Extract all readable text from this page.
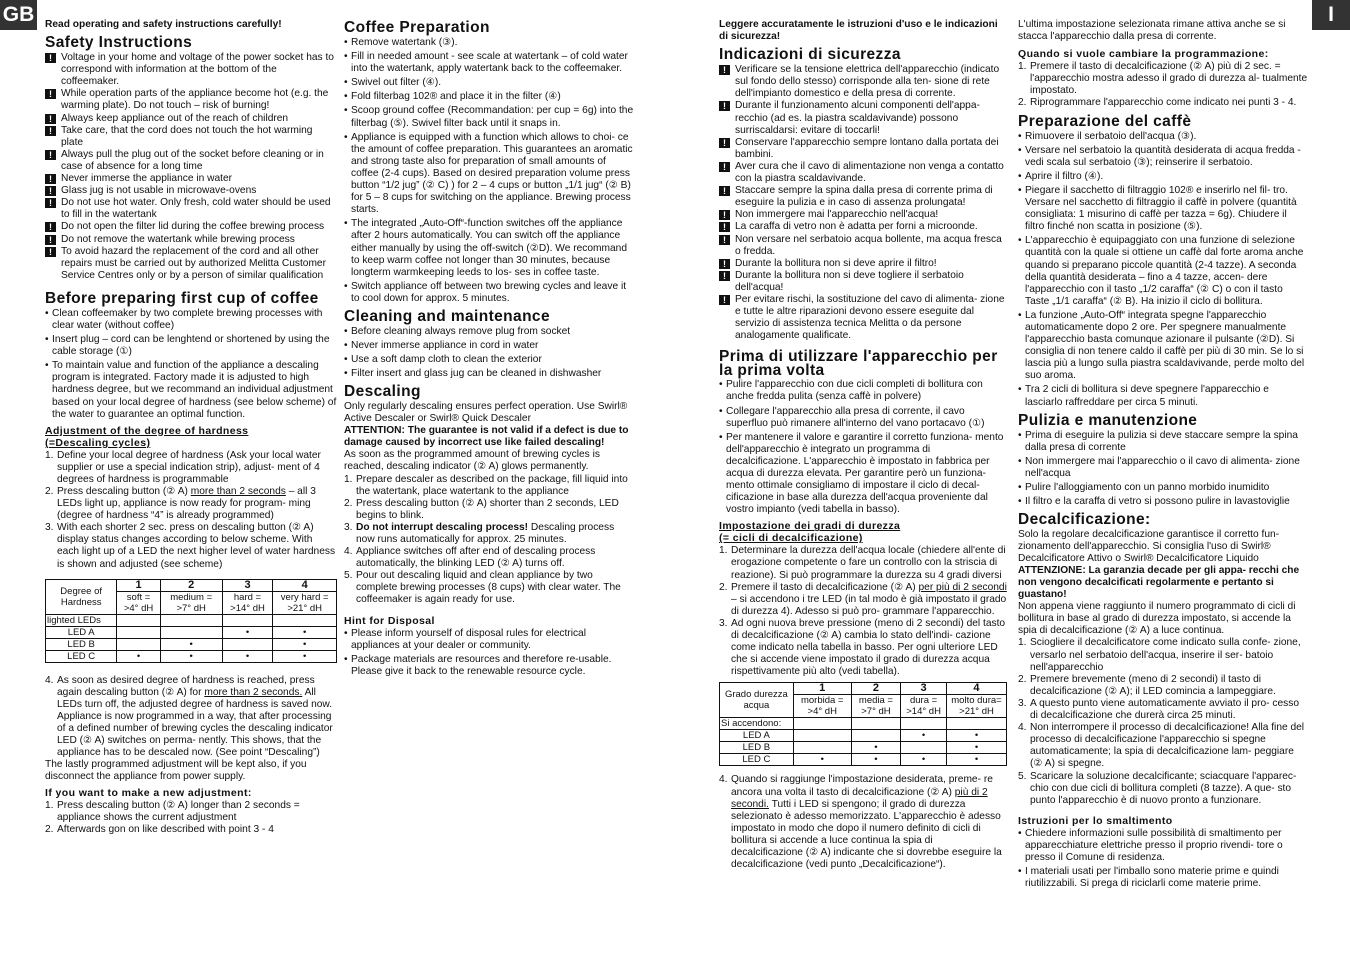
GB	I

Read operating and safety instructions carefully!

Safety Instructions
! Voltage in your home and voltage of the power socket has to correspond with information at the bottom of the coffeemaker.
! While operation parts of the appliance become hot (e.g. the warming plate). Do not touch – risk of burning!
! Always keep appliance out of the reach of children
! Take care, that the cord does not touch the hot warming plate
! Always pull the plug out of the socket before cleaning or in case of absence for a long time
! Never immerse the appliance in water
! Glass jug is not usable in microwave-ovens
! Do not use hot water. Only fresh, cold water should be used to fill in the watertank
! Do not open the filter lid during the coffee brewing process
! Do not remove the watertank while brewing process
! To avoid hazard the replacement of the cord and all other repairs must be carried out by authorized Melitta Customer Service Centres only or by a person of similar qualification
Before preparing first cup of coffee
• Clean coffeemaker by two complete brewing processes with clear water (without coffee)
• Insert plug – cord can be lenghtend or shortened by using the cable storage (①)
• To maintain value and function of the appliance a descaling program is integrated. Factory made it is adjusted to high hardness degree, but we recommand an individual adjustment based on your local degree of hardness (see below scheme) of the water to guarantee an optimal function.
Adjustment of the degree of hardness
(=Descaling cycles)
1. Define your local degree of hardness (Ask your local water supplier or use a special indication strip), adjust- ment of 4 degrees of hardness is programmable
2. Press descaling button (② A) more than 2 seconds – all 3 LEDs light up, appliance is now ready for program- ming (degree of hardness “4” is already programmed)
3. With each shorter 2 sec. press on descaling button (② A) display status changes according to below scheme. With each light up of a LED the next higher level of water hardness is shown and adjusted (see scheme)
Degree of Hardness	1	2	3	4
	soft = >4° dH	medium = >7° dH	hard = >14° dH	very hard = >21° dH
lighted LEDs				
LED A			•	•
LED B		•		•
LED C	•	•	•	•
4. As soon as desired degree of hardness is reached, press again descaling button (② A) for more than 2 seconds. All LEDs turn off, the adjusted degree of hardness is saved now. Appliance is now programmed in a way, that after processing of a defined number of brewing cycles the descaling indicator LED (② A) switches on perma- nently. This shows, that the appliance has to be descaled now. (See point “Descaling”)

The lastly programmed adjustment will be kept also, if you disconnect the appliance from power supply.

If you want to make a new adjustment:
1. Press descaling button (② A) longer than 2 seconds = appliance shows the current adjustment
2. Afterwards gon on like described with point 3 - 4
Coffee Preparation
• Remove watertank (③).
• Fill in needed amount - see scale at watertank – of cold water into the watertank, apply watertank back to the coffeemaker.
• Swivel out filter (④).
• Fold filterbag 102® and place it in the filter (④)
• Scoop ground coffee (Recommandation: per cup = 6g) into the filterbag (⑤). Swivel filter back until it snaps in.
• Appliance is equipped with a function which allows to choi- ce the amount of coffee preparation. This guarantees an aromatic and strong taste also for preparation of small amounts of coffee (2-4 cups). Based on desired preparation volume press button “1/2 jug” (② C) ) for 2 – 4 cups or button „1/1 jug“ (② B) for 5 – 8 cups for switching on the appliance. Brewing process starts.
• The integrated „Auto-Off“-function switches off the appliance after 2 hours automatically. You can switch off the appliance either manually by using the off-switch (②D). We recommand to keep warm coffee not longer than 30 minutes, because longterm warmkeeping leeds to los- ses in coffee taste.
• Switch appliance off between two brewing cycles and leave it to cool down for approx. 5 minutes.
Cleaning and maintenance
• Before cleaning always remove plug from socket
• Never immerse appliance in cord in water
• Use a soft damp cloth to clean the exterior
• Filter insert and glass jug can be cleaned in dishwasher
Descaling

Only regularly descaling ensures perfect operation. Use Swirl® Active Descaler or Swirl® Quick Descaler

ATTENTION: The guarantee is not valid if a defect is due to damage caused by incorrect use like failed descaling!

As soon as the programmed amount of brewing cycles is reached, descaling indicator (② A) glows permanently.

1. Prepare descaler as described on the package, fill liquid into the watertank, place watertank to the appliance
2. Press descaling button (② A) shorter than 2 seconds, LED begins to blink.
3. Do not interrupt descaling process! Descaling process now runs automatically for approx. 25 minutes.
4. Appliance switches off after end of descaling process automatically, the blinking LED (② A) turns off.
5. Pour out descaling liquid and clean appliance by two complete brewing processes (8 cups) with clear water. The coffeemaker is again ready for use.
Hint for Disposal
• Please inform yourself of disposal rules for electrical appliances at your dealer or community.
• Package materials are resources and therefore re-usable. Please give it back to the renewable resource cycle.

Leggere accuratamente le istruzioni d'uso e le indicazioni di sicurezza!

Indicazioni di sicurezza
! Verificare se la tensione elettrica dell'apparecchio (indicato sul fondo dello stesso) corrisponde alla ten- sione di rete dell'impianto domestico e della presa di corrente.
! Durante il funzionamento alcuni componenti dell'appa- recchio (ad es. la piastra scaldavivande) possono surriscaldarsi: evitare di toccarli!
! Conservare l'apparecchio sempre lontano dalla portata dei bambini.
! Aver cura che il cavo di alimentazione non venga a contatto con la piastra scaldavivande.
! Staccare sempre la spina dalla presa di corrente prima di eseguire la pulizia e in caso di assenza prolungata!
! Non immergere mai l'apparecchio nell'acqua!
! La caraffa di vetro non è adatta per forni a microonde.
! Non versare nel serbatoio acqua bollente, ma acqua fresca o fredda.
! Durante la bollitura non si deve aprire il filtro!
! Durante la bollitura non si deve togliere il serbatoio dell'acqua!
! Per evitare rischi, la sostituzione del cavo di alimenta- zione e tutte le altre riparazioni devono essere eseguite dal servizio di assistenza tecnica Melitta o da persone analogamente qualificate.
Prima di utilizzare l'apparecchio per la prima volta
• Pulire l'apparecchio con due cicli completi di bollitura con anche fredda pulita (senza caffè in polvere)
• Collegare l'apparecchio alla presa di corrente, il cavo superfluo può rimanere all'interno del vano portacavo (①)
• Per mantenere il valore e garantire il corretto funziona- mento dell'apparecchio è integrato un programma di decalcificazione. L'apparecchio è impostato in fabbrica per acqua di durezza elevata. Per garantire però un funziona- mento ottimale consigliamo di impostare il ciclo di decal- cificazione in base alla durezza dell'acqua proveniente dal vostro impianto (vedi tabella in basso).
Impostazione dei gradi di durezza
(= cicli di decalcificazione)
1. Determinare la durezza dell'acqua locale (chiedere all'ente di erogazione competente o fare un controllo con la striscia di reazione). Si può programmare la durezza su 4 gradi diversi
2. Premere il tasto di decalcificazione (② A) per più di 2 secondi – si accendono i tre LED (in tal modo è già impostato il grado di durezza 4). Adesso si può pro- grammare l'apparecchio.
3. Ad ogni nuova breve pressione (meno di 2 secondi) del tasto di decalcificazione (② A) cambia lo stato dell'indi- cazione come indicato nella tabella in basso. Per ogni ulteriore LED che si accende viene impostato il grado di durezza acqua rispettivamente più alto (vedi tabella).
Grado durezza acqua	1	2	3	4
	morbida = >4° dH	media = >7° dH	dura = >14° dH	molto dura= >21° dH
Si accendono:				
LED A			•	•
LED B		•		•
LED C	•	•	•	•
4. Quando si raggiunge l'impostazione desiderata, preme- re ancora una volta il tasto di decalcificazione (② A) più di 2 secondi. Tutti i LED si spengono; il grado di durezza selezionato è adesso memorizzato. L'apparecchio è adesso impostato in modo che dopo il numero definito di cicli di bollitura si accende a luce continua la spia di decalcificazione (② A) indicante che si dovrebbe eseguire la decalcificazione (vedi punto „Decalcificazione“).

L'ultima impostazione selezionata rimane attiva anche se si stacca l'apparecchio dalla presa di corrente.

Quando si vuole cambiare la programmazione:
1. Premere il tasto di decalcificazione (② A) più di 2 sec. = l'apparecchio mostra adesso il grado di durezza al- tualmente impostato.
2. Riprogrammare l'apparecchio come indicato nei punti 3 - 4.
Preparazione del caffè
• Rimuovere il serbatoio dell'acqua (③).
• Versare nel serbatoio la quantità desiderata di acqua fredda - vedi scala sul serbatoio (③); reinserire il serbatoio.
• Aprire il filtro (④).
• Piegare il sacchetto di filtraggio 102® e inserirlo nel fil- tro. Versare nel sacchetto di filtraggio il caffè in polvere (quantità consigliata: 1 misurino di caffè per tazza = 6g). Chiudere il filtro finché non scatta in posizione (⑤).
• L'apparecchio è equipaggiato con una funzione di selezione quantità con la quale si ottiene un caffè dal forte aroma anche quando si preparano piccole quantità (2-4 tazze). A seconda della quantità desiderata – fino a 4 tazze, accen- dere l'apparecchio con il tasto „1/2 caraffa“ (② C) o con il tasto Taste „1/1 caraffa“ (② B). Ha inizio il ciclo di bollitura.
• La funzione „Auto-Off“ integrata spegne l'apparecchio automaticamente dopo 2 ore. Per spegnere manualmente l'apparecchio basta comunque azionare il pulsante (②D). Si consiglia di non tenere caldo il caffè per più di 30 min. Se lo si lascia più a lungo sulla piastra scaldavivande, perde molto del suo aroma.
• Tra 2 cicli di bollitura si deve spegnere l'apparecchio e lasciarlo raffreddare per circa 5 minuti.
Pulizia e manutenzione
• Prima di eseguire la pulizia si deve staccare sempre la spina dalla presa di corrente
• Non immergere mai l'apparecchio o il cavo di alimenta- zione nell'acqua
• Pulire l'alloggiamento con un panno morbido inumidito
• Il filtro e la caraffa di vetro si possono pulire in lavastoviglie
Decalcificazione:

Solo la regolare decalcificazione garantisce il corretto fun- zionamento dell'apparecchio. Si consiglia l'uso di Swirl® Decalcificatore Attivo o Swirl® Decalcificatore Liquido

ATTENZIONE: La garanzia decade per gli appa- recchi che non vengono decalcificati regolarmente e pertanto si guastano!

Non appena viene raggiunto il numero programmato di cicli di bollitura in base al grado di durezza impostato, si accende la spia di decalcificazione (② A) a luce continua.

1. Sciogliere il decalcificatore come indicato sulla confe- zione, versarlo nel serbatoio dell'acqua, inserire il ser- batoio nell'apparecchio
2. Premere brevemente (meno di 2 secondi) il tasto di decalcificazione (② A); il LED comincia a lampeggiare.
3. A questo punto viene automaticamente avviato il pro- cesso di decalcificazione che durerà circa 25 minuti.
4. Non interrompere il processo di decalcificazione! Alla fine del processo di decalcificazione l'apparecchio si spegne automaticamente; la spia di decalcificazione lam- peggiare (② A) si spegne.
5. Scaricare la soluzione decalcificante; sciacquare l'apparec- chio con due cicli di bollitura completi (8 tazze). A que- sto punto l'apparecchio è di nuovo pronto a funzionare.
Istruzioni per lo smaltimento
• Chiedere informazioni sulle possibilità di smaltimento per apparecchiature elettriche presso il proprio rivendi- tore o presso il Comune di residenza.
• I materiali usati per l'imballo sono materie prime e quindi riutilizzabili. Si prega di riciclarli come materie prime.
